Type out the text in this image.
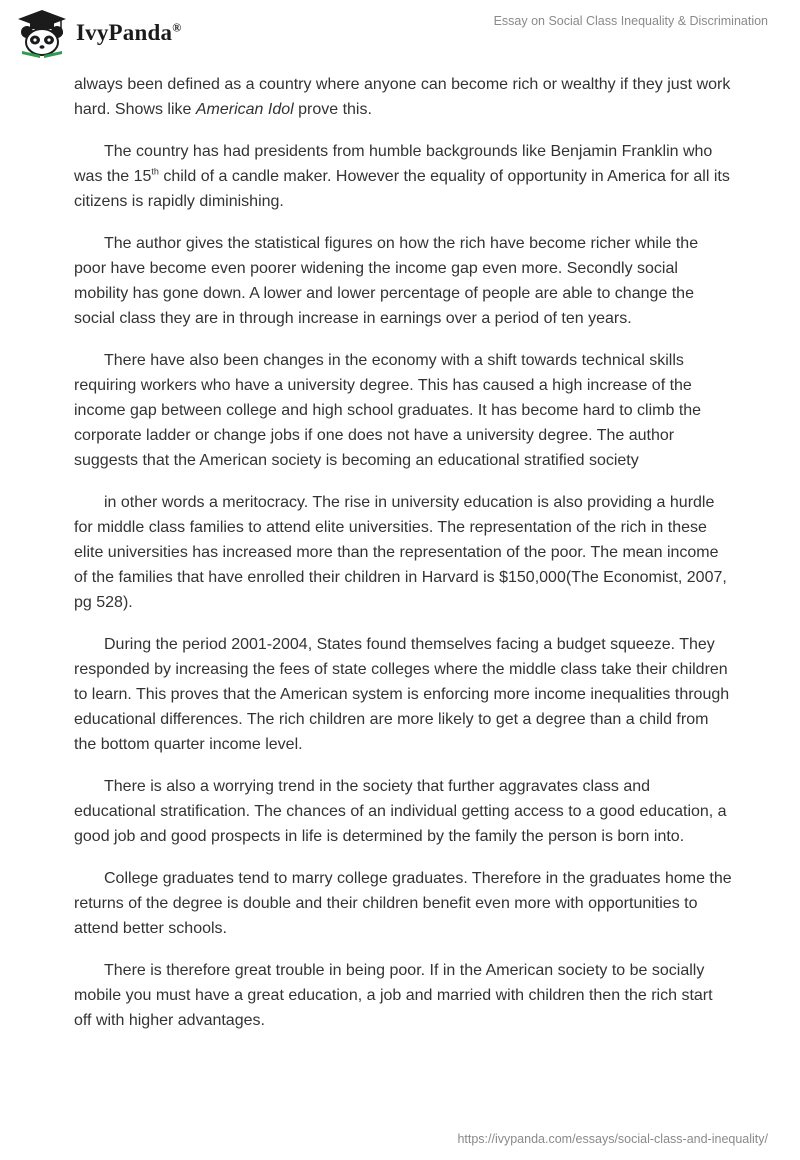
IvyPanda®	Essay on Social Class Inequality & Discrimination

always been defined as a country where anyone can become rich or wealthy if they just work hard. Shows like American Idol prove this.

The country has had presidents from humble backgrounds like Benjamin Franklin who was the 15th child of a candle maker. However the equality of opportunity in America for all its citizens is rapidly diminishing.

The author gives the statistical figures on how the rich have become richer while the poor have become even poorer widening the income gap even more. Secondly social mobility has gone down. A lower and lower percentage of people are able to change the social class they are in through increase in earnings over a period of ten years.

There have also been changes in the economy with a shift towards technical skills requiring workers who have a university degree. This has caused a high increase of the income gap between college and high school graduates. It has become hard to climb the corporate ladder or change jobs if one does not have a university degree. The author suggests that the American society is becoming an educational stratified society

in other words a meritocracy. The rise in university education is also providing a hurdle for middle class families to attend elite universities. The representation of the rich in these elite universities has increased more than the representation of the poor. The mean income of the families that have enrolled their children in Harvard is $150,000(The Economist, 2007, pg 528).

During the period 2001-2004, States found themselves facing a budget squeeze. They responded by increasing the fees of state colleges where the middle class take their children to learn. This proves that the American system is enforcing more income inequalities through educational differences. The rich children are more likely to get a degree than a child from the bottom quarter income level.

There is also a worrying trend in the society that further aggravates class and educational stratification. The chances of an individual getting access to a good education, a good job and good prospects in life is determined by the family the person is born into.

College graduates tend to marry college graduates. Therefore in the graduates home the returns of the degree is double and their children benefit even more with opportunities to attend better schools.

There is therefore great trouble in being poor. If in the American society to be socially mobile you must have a great education, a job and married with children then the rich start off with higher advantages.

https://ivypanda.com/essays/social-class-and-inequality/
